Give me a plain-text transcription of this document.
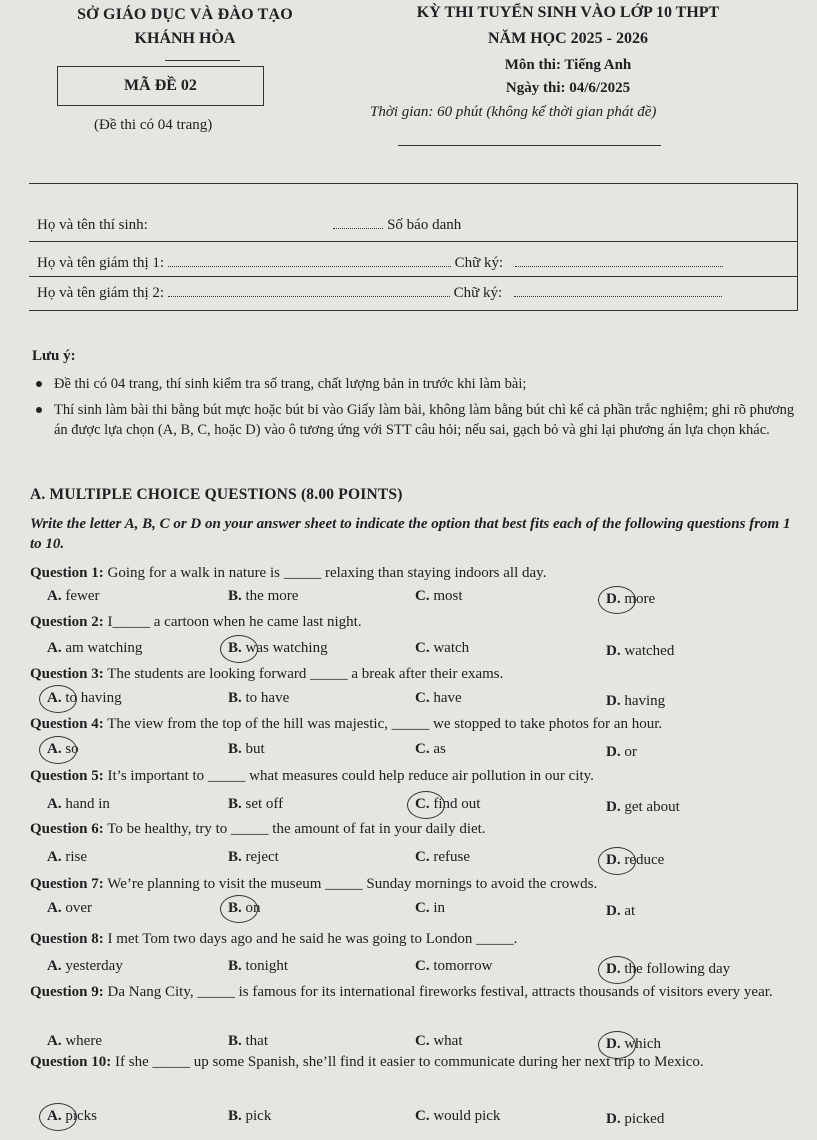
SỞ GIÁO DỤC VÀ ĐÀO TẠO
KHÁNH HÒA
MÃ ĐỀ 02
(Đề thi có 04 trang)
KỲ THI TUYỂN SINH VÀO LỚP 10 THPT
NĂM HỌC 2025 - 2026
Môn thi: Tiếng Anh
Ngày thi: 04/6/2025
Thời gian: 60 phút (không kể thời gian phát đề)
Họ và tên thí sinh:	Số báo danh
Họ và tên giám thị 1:	Chữ ký:
Họ và tên giám thị 2:	Chữ ký:
Lưu ý:
Đề thi có 04 trang, thí sinh kiểm tra số trang, chất lượng bản in trước khi làm bài;
Thí sinh làm bài thi bằng bút mực hoặc bút bi vào Giấy làm bài, không làm bằng bút chì kể cả phần trắc nghiệm; ghi rõ phương án được lựa chọn (A, B, C, hoặc D) vào ô tương ứng với STT câu hỏi; nếu sai, gạch bỏ và ghi lại phương án lựa chọn khác.
A. MULTIPLE CHOICE QUESTIONS (8.00 POINTS)
Write the letter A, B, C or D on your answer sheet to indicate the option that best fits each of the following questions from 1 to 10.
Question 1: Going for a walk in nature is _____ relaxing than staying indoors all day.
A. fewer	B. the more	C. most	D. more
Question 2: I_____ a cartoon when he came last night.
A. am watching	B. was watching	C. watch	D. watched
Question 3: The students are looking forward _____ a break after their exams.
A. to having	B. to have	C. have	D. having
Question 4: The view from the top of the hill was majestic, _____ we stopped to take photos for an hour.
A. so	B. but	C. as	D. or
Question 5: It’s important to _____ what measures could help reduce air pollution in our city.
A. hand in	B. set off	C. find out	D. get about
Question 6: To be healthy, try to _____ the amount of fat in your daily diet.
A. rise	B. reject	C. refuse	D. reduce
Question 7: We’re planning to visit the museum _____ Sunday mornings to avoid the crowds.
A. over	B. on	C. in	D. at
Question 8: I met Tom two days ago and he said he was going to London _____.
A. yesterday	B. tonight	C. tomorrow	D. the following day
Question 9: Da Nang City, _____ is famous for its international fireworks festival, attracts thousands of visitors every year.
A. where	B. that	C. what	D. which
Question 10: If she _____ up some Spanish, she’ll find it easier to communicate during her next trip to Mexico.
A. picks	B. pick	C. would pick	D. picked
